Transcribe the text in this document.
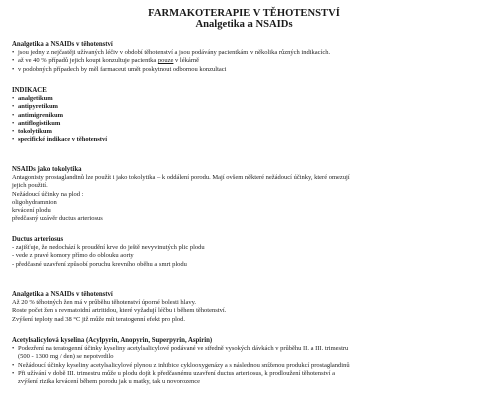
FARMAKOTERAPIE V TĚHOTENSTVÍ
Analgetika a NSAIDs
Analgetika a NSAIDs v těhotenství
• jsou jedny z nejčastěji užívaných léčiv v období těhotenství a jsou podávány pacientkám v několika různých indikacích.
• až ve 40 % případů jejich koupi konzultuje pacientka pouze v lékárně
• v podobných případech by měl farmaceut umět poskytnout odbornou konzultaci
INDIKACE
• analgetikum
• antipyretikum
• antimigrenikum
• antiflogistikum
• tokolytikum
• specifické indikace v těhotenství
NSAIDs jako tokolytika
Antagonisty prostaglandinů lze použít i jako tokolytika – k oddálení porodu. Mají ovšem některé nežádoucí účinky, které omezují
jejich použití.
Nežádoucí účinky na plod :
oligohydramnion
krvácení plodu
předčasný uzávěr ductus arteriosus
Ductus arteriosus
- zajišťuje, že nedochází k proudění krve do ještě nevyvinutých plic plodu
- vede z pravé komory přímo do oblouku aorty
- předčasné uzavření způsobí poruchu krevního oběhu a smrt plodu
Analgetika a NSAIDs v těhotenství
Až 20 % těhotných žen má v průběhu těhotenství úporné bolesti hlavy.
Roste počet žen s revmatoidní artritidou, které vyžadují léčbu i během těhotenství.
Zvýšení teploty nad 38 °C již může mít teratogenní efekt pro plod.
Acetylsalicylová kyselina (Acylpyrin, Anopyrin, Superpyrin, Aspirin)
• Podezření na teratogenní účinky kyseliny acetylsalicylové podávané ve středně vysokých dávkách v průběhu II. a III. trimestru
(500 - 1300 mg / den) se nepotvrdilo
• Nežádoucí účinky kyseliny acetylsalicylové plynou z inhibice cyklooxygenázy a s následnou sníženou produkcí prostaglandinů
• Při užívání v době III. trimestru může u plodu dojít k předčasnému uzavření ductus arteriosus, k prodloužení těhotenství a
zvýšení rizika krvácení během porodu jak u matky, tak u novorozence
